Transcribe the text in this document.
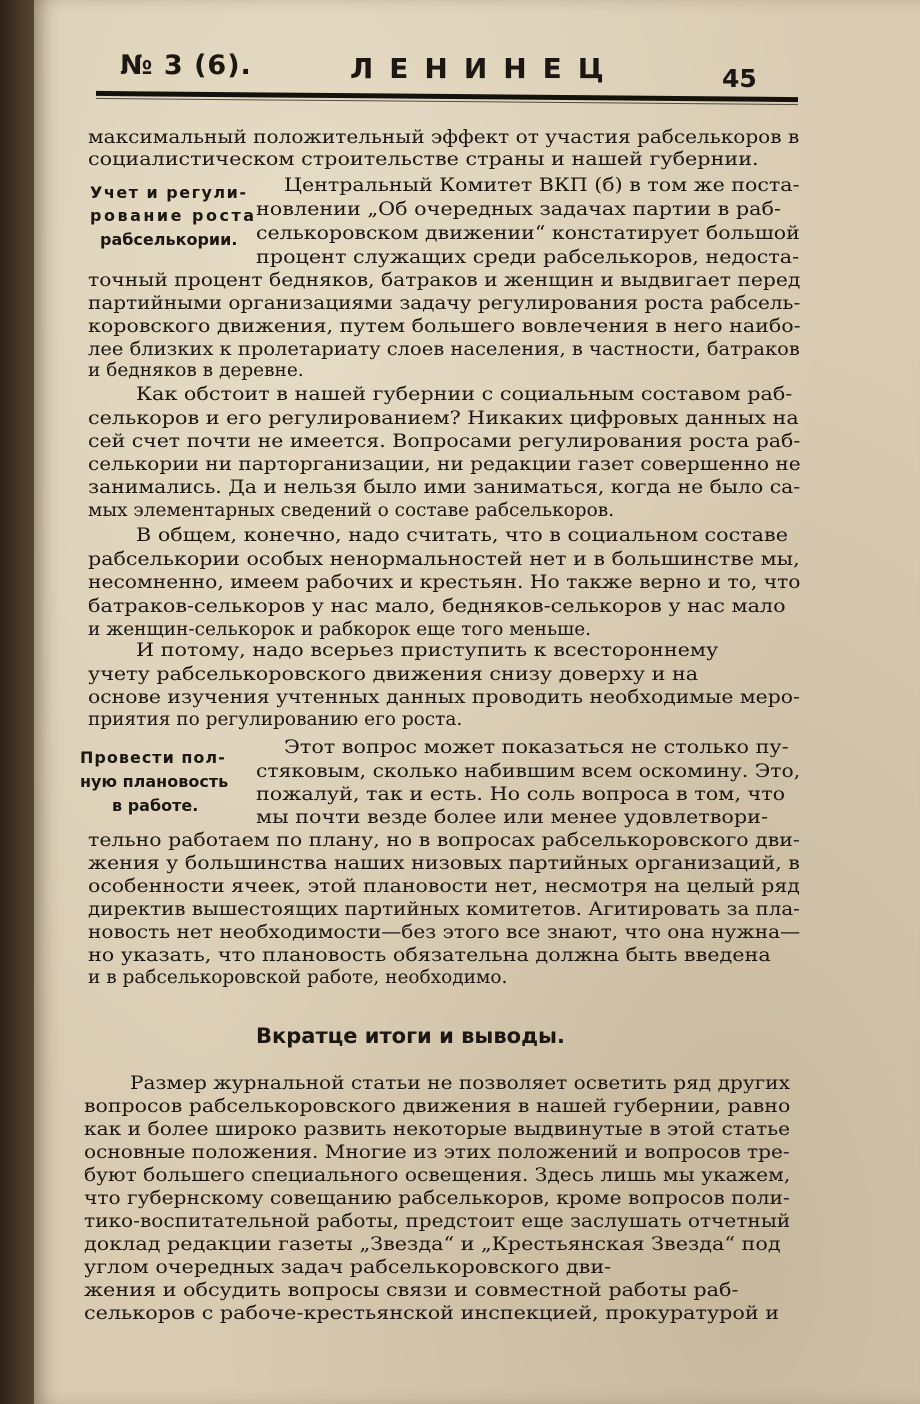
№ 3 (6).	ЛЕНИНЕЦ	45
Учет и регули-
рование роста
рабселькории.
Провести пол-
ную плановость
в работе.
максимальный положительный эффект от участия рабселькоров в
социалистическом строительстве страны и нашей губернии.
Центральный Комитет ВКП (б) в том же поста-
новлении „Об очередных задачах партии в раб-
селькоровском движении“ констатирует большой
процент служащих среди рабселькоров, недоста-
точный процент бедняков, батраков и женщин и выдвигает перед
партийными организациями задачу регулирования роста рабсель-
коровского движения, путем большего вовлечения в него наибо-
лее близких к пролетариату слоев населения, в частности, батраков
и бедняков в деревне.
Как обстоит в нашей губернии с социальным составом раб-
селькоров и его регулированием? Никаких цифровых данных на
сей счет почти не имеется. Вопросами регулирования роста раб-
селькории ни парторганизации, ни редакции газет совершенно не
занимались. Да и нельзя было ими заниматься, когда не было са-
мых элементарных сведений о составе рабселькоров.
В общем, конечно, надо считать, что в социальном составе
рабселькории особых ненормальностей нет и в большинстве мы,
несомненно, имеем рабочих и крестьян. Но также верно и то, что
батраков-селькоров у нас мало, бедняков-селькоров у нас мало
и женщин-селькорок и рабкорок еще того меньше.
И потому, надо всерьез приступить к всестороннему
учету рабселькоровского движения снизу доверху и на
основе изучения учтенных данных проводить необходимые меро-
приятия по регулированию его роста.
Этот вопрос может показаться не столько пу-
стяковым, сколько набившим всем оскомину. Это,
пожалуй, так и есть. Но соль вопроса в том, что
мы почти везде более или менее удовлетвори-
тельно работаем по плану, но в вопросах рабселькоровского дви-
жения у большинства наших низовых партийных организаций, в
особенности ячеек, этой плановости нет, несмотря на целый ряд
директив вышестоящих партийных комитетов. Агитировать за пла-
новость нет необходимости—без этого все знают, что она нужна—
но указать, что плановость обязательна должна быть введена
и в рабселькоровской работе, необходимо.
Вкратце итоги и выводы.
Размер журнальной статьи не позволяет осветить ряд других
вопросов рабселькоровского движения в нашей губернии, равно
как и более широко развить некоторые выдвинутые в этой статье
основные положения. Многие из этих положений и вопросов тре-
буют большего специального освещения. Здесь лишь мы укажем,
что губернскому совещанию рабселькоров, кроме вопросов поли-
тико-воспитательной работы, предстоит еще заслушать отчетный
доклад редакции газеты „Звезда“ и „Крестьянская Звезда“ под
углом очередных задач рабселькоровского дви-
жения и обсудить вопросы связи и совместной работы раб-
селькоров с рабоче-крестьянской инспекцией, прокуратурой и
